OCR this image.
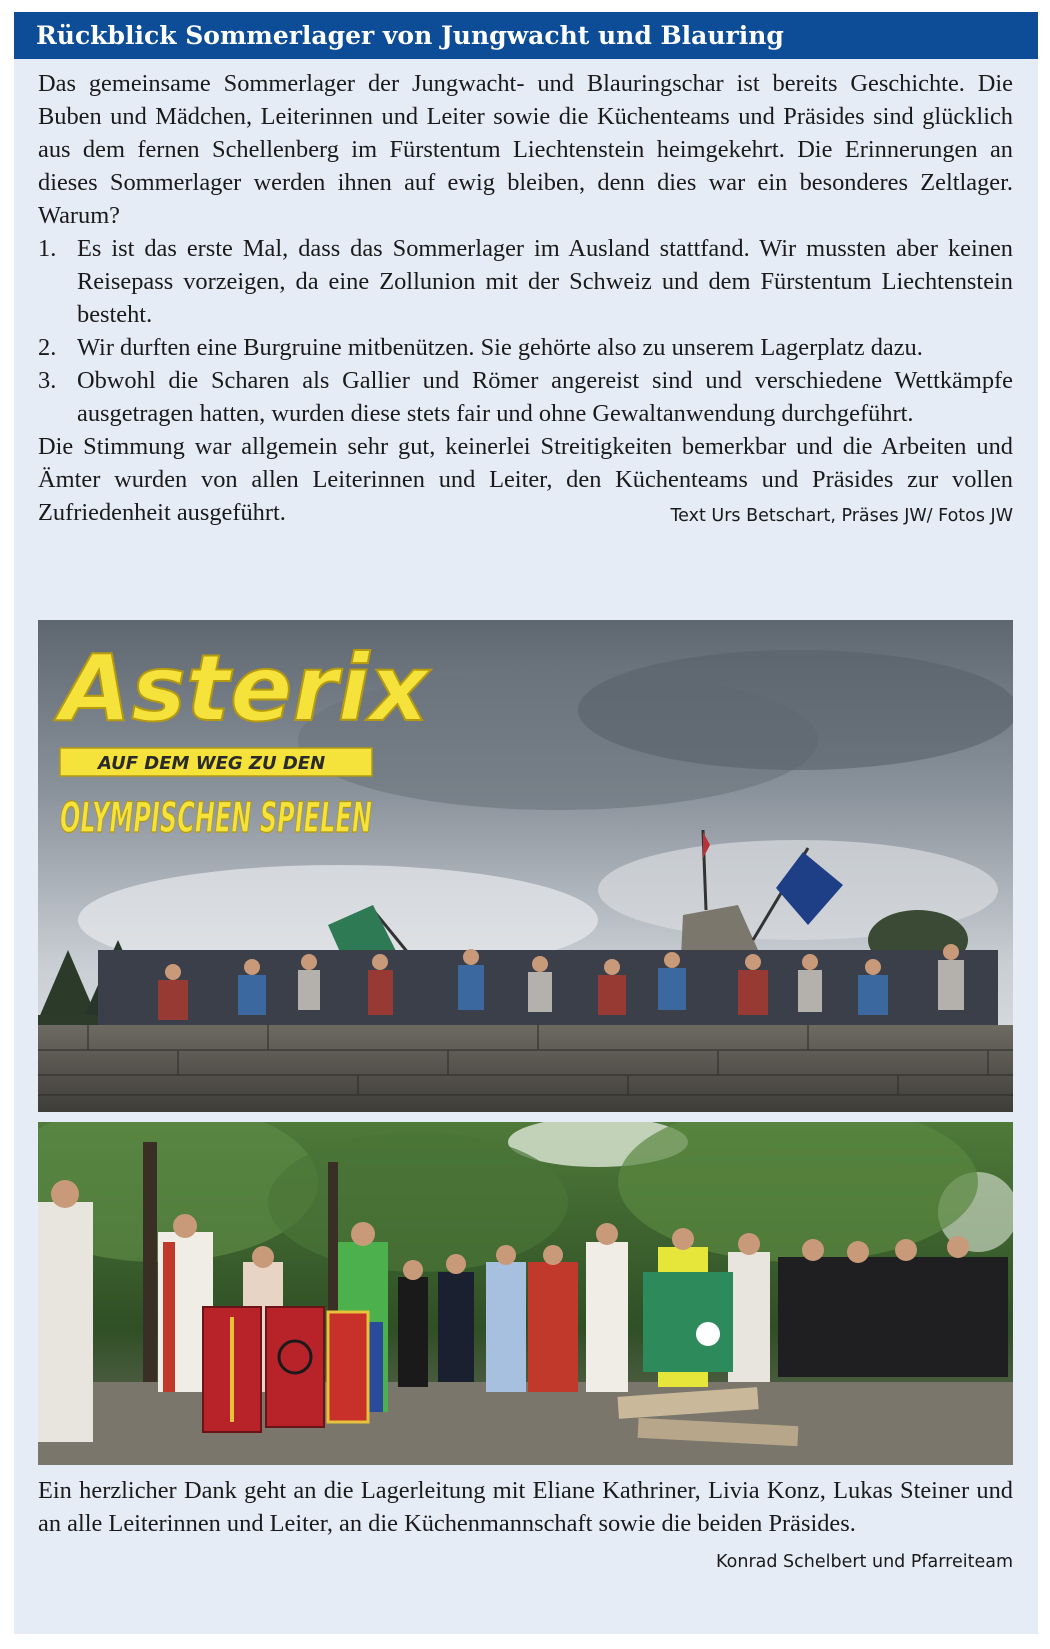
Rückblick Sommerlager von Jungwacht und Blauring

Das gemeinsame Sommerlager der Jungwacht- und Blauringschar ist bereits Geschichte. Die Buben und Mädchen, Leiterinnen und Leiter sowie die Küchenteams und Präsides sind glücklich aus dem fernen Schellenberg im Fürstentum Liechtenstein heimgekehrt. Die Erinnerungen an dieses Sommerlager werden ihnen auf ewig bleiben, denn dies war ein besonderes Zeltlager. Warum?

1. Es ist das erste Mal, dass das Sommerlager im Ausland stattfand. Wir mussten aber keinen Reisepass vorzeigen, da eine Zollunion mit der Schweiz und dem Fürstentum Liechtenstein besteht.
2. Wir durften eine Burgruine mitbenützen. Sie gehörte also zu unserem Lagerplatz dazu.
3. Obwohl die Scharen als Gallier und Römer angereist sind und verschiedene Wettkämpfe ausgetragen hatten, wurden diese stets fair und ohne Gewaltanwendung durchgeführt.

Die Stimmung war allgemein sehr gut, keinerlei Streitigkeiten bemerkbar und die Arbeiten und Ämter wurden von allen Leiterinnen und Leiter, den Küchenteams und Präsides zur vollen Zufriedenheit ausgeführt.	Text Urs Betschart, Präses JW/ Fotos JW

Asterix
AUF DEM WEG ZU DEN
OLYMPISCHEN SPIELEN

Ein herzlicher Dank geht an die Lagerleitung mit Eliane Kathriner, Livia Konz, Lukas Steiner und an alle Leiterinnen und Leiter, an die Küchenmannschaft sowie die beiden Präsides.
Konrad Schelbert und Pfarreiteam
